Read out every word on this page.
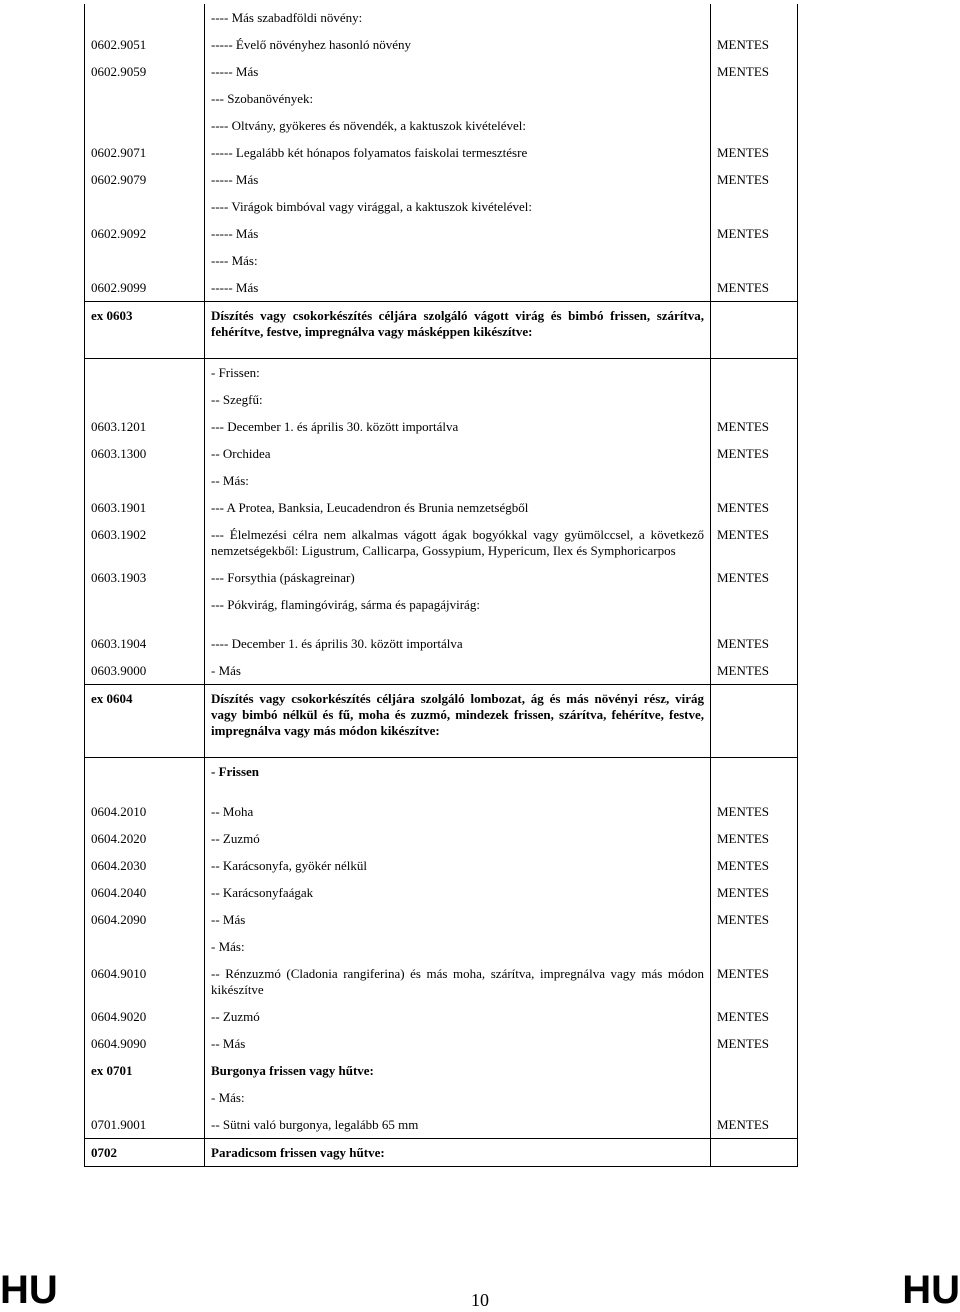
	---- Más szabadföldi növény:	
0602.9051	----- Évelő növényhez hasonló növény	MENTES
0602.9059	----- Más	MENTES
	--- Szobanövények:	
	---- Oltvány, gyökeres és növendék, a kaktuszok kivételével:	
0602.9071	----- Legalább két hónapos folyamatos faiskolai termesztésre	MENTES
0602.9079	----- Más	MENTES
	---- Virágok bimbóval vagy virággal, a kaktuszok kivételével:	
0602.9092	----- Más	MENTES
	---- Más:	
0602.9099	----- Más	MENTES
ex 0603	Díszítés vagy csokorkészítés céljára szolgáló vágott virág és bimbó frissen, szárítva, fehérítve, festve, impregnálva vagy másképpen kikészítve:	
	- Frissen:	
	-- Szegfű:	
0603.1201	--- December 1. és április 30. között importálva	MENTES
0603.1300	-- Orchidea	MENTES
	-- Más:	
0603.1901	--- A Protea, Banksia, Leucadendron és Brunia nemzetségből	MENTES
0603.1902	--- Élelmezési célra nem alkalmas vágott ágak bogyókkal vagy gyümölccsel, a következő nemzetségekből: Ligustrum, Callicarpa, Gossypium, Hypericum, Ilex és Symphoricarpos	MENTES
0603.1903	--- Forsythia (páskagreinar)	MENTES
	--- Pókvirág, flamingóvirág, sárma és papagájvirág:	
0603.1904	---- December 1. és április 30. között importálva	MENTES
0603.9000	- Más	MENTES
ex 0604	Díszítés vagy csokorkészítés céljára szolgáló lombozat, ág és más növényi rész, virág vagy bimbó nélkül és fű, moha és zuzmó, mindezek frissen, szárítva, fehérítve, festve, impregnálva vagy más módon kikészítve:	
	- Frissen	
0604.2010	-- Moha	MENTES
0604.2020	-- Zuzmó	MENTES
0604.2030	-- Karácsonyfa, gyökér nélkül	MENTES
0604.2040	-- Karácsonyfaágak	MENTES
0604.2090	-- Más	MENTES
	- Más:	
0604.9010	-- Rénzuzmó (Cladonia rangiferina) és más moha, szárítva, impregnálva vagy más módon kikészítve	MENTES
0604.9020	-- Zuzmó	MENTES
0604.9090	-- Más	MENTES
ex 0701	Burgonya frissen vagy hűtve:	
	- Más:	
0701.9001	-- Sütni való burgonya, legalább 65 mm	MENTES
0702	Paradicsom frissen vagy hűtve:	
HU	10	HU
